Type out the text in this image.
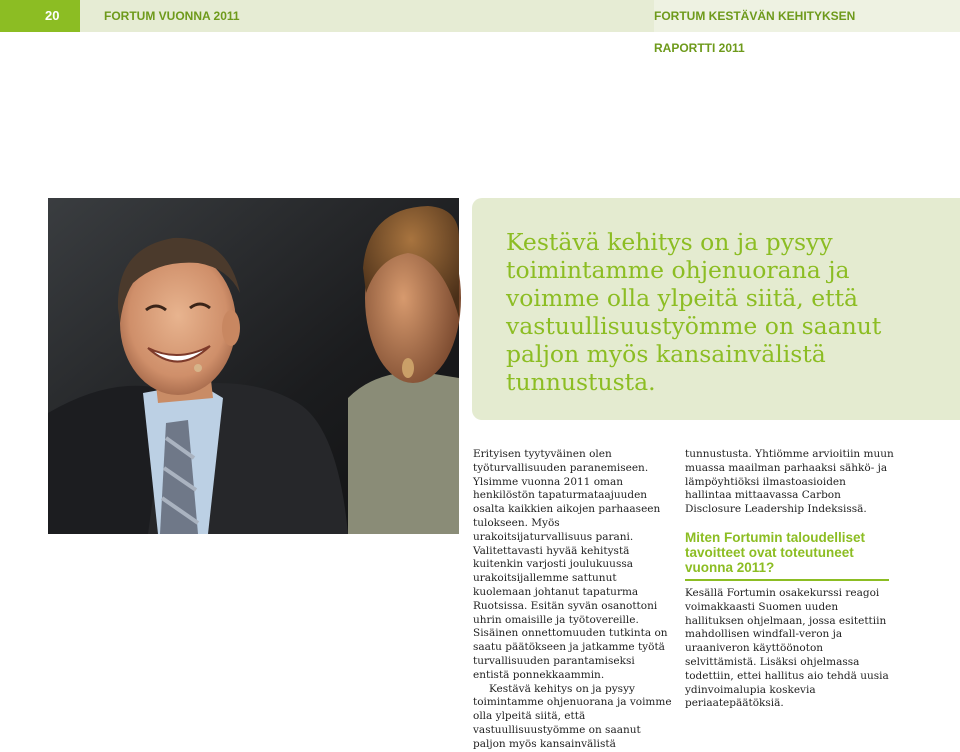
20	FORTUM VUONNA 2011	FORTUM KESTÄVÄN KEHITYKSEN RAPORTTI 2011
Kestävä kehitys on ja pysyy toimintamme ohjenuorana ja voimme olla ylpeitä siitä, että vastuullisuustyömme on saanut paljon myös kansainvälistä tunnustusta.

Erityisen tyytyväinen olen työturvallisuuden paranemiseen. Ylsimme vuonna 2011 oman henkilöstön tapaturmataajuuden osalta kaikkien aikojen parhaaseen tulokseen. Myös urakoitsijaturvallisuus parani. Valitettavasti hyvää kehitystä kuitenkin varjosti joulukuussa urakoitsijallemme sattunut kuolemaan johtanut tapaturma Ruotsissa. Esitän syvän osanottoni uhrin omaisille ja työtovereille. Sisäinen onnettomuuden tutkinta on saatu päätökseen ja jatkamme työtä turvallisuuden parantamiseksi entistä ponnekkaammin.

Kestävä kehitys on ja pysyy toimintamme ohjenuorana ja voimme olla ylpeitä siitä, että vastuullisuustyömme on saanut paljon myös kansainvälistä

tunnustusta. Yhtiömme arvioitiin muun muassa maailman parhaaksi sähkö- ja lämpöyhtiöksi ilmastoasioiden hallintaa mittaavassa Carbon Disclosure Leadership Indeksissä.

Miten Fortumin taloudelliset tavoitteet ovat toteutuneet vuonna 2011?

Kesällä Fortumin osakekurssi reagoi voimakkaasti Suomen uuden hallituksen ohjelmaan, jossa esitettiin mahdollisen windfall-veron ja uraaniveron käyttöönoton selvittämistä. Lisäksi ohjelmassa todettiin, ettei hallitus aio tehdä uusia ydinvoimalupia koskevia periaatepäätöksiä.
